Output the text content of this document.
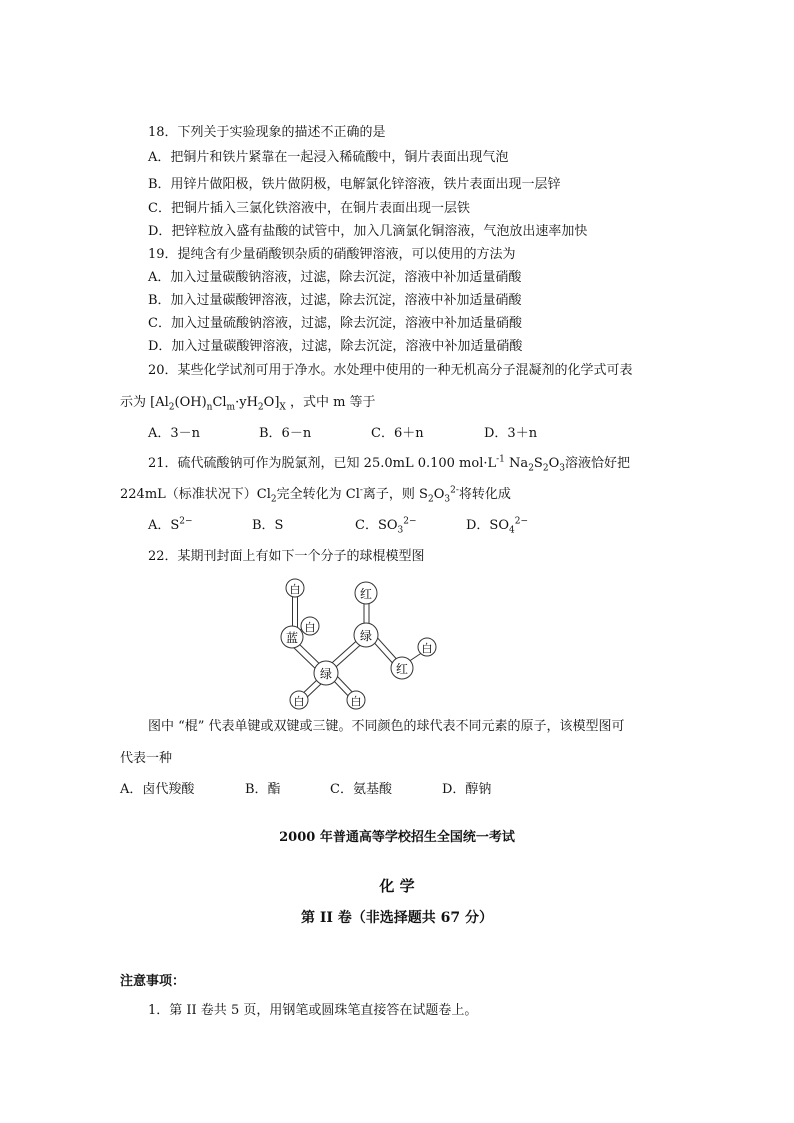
18．下列关于实验现象的描述不正确的是
A．把铜片和铁片紧靠在一起浸入稀硫酸中，铜片表面出现气泡
B．用锌片做阳极，铁片做阴极，电解氯化锌溶液，铁片表面出现一层锌
C．把铜片插入三氯化铁溶液中，在铜片表面出现一层铁
D．把锌粒放入盛有盐酸的试管中，加入几滴氯化铜溶液，气泡放出速率加快
19．提纯含有少量硝酸钡杂质的硝酸钾溶液，可以使用的方法为
A．加入过量碳酸钠溶液，过滤，除去沉淀，溶液中补加适量硝酸
B．加入过量碳酸钾溶液，过滤，除去沉淀，溶液中补加适量硝酸
C．加入过量硫酸钠溶液，过滤，除去沉淀，溶液中补加适量硝酸
D．加入过量碳酸钾溶液，过滤，除去沉淀，溶液中补加适量硝酸
20．某些化学试剂可用于净水。水处理中使用的一种无机高分子混凝剂的化学式可表
示为 $[Al_2(OH)_nCl_m\cdot yH_2O]_X$ ，式中 m 等于
A．3－n	B．6－n	C．6＋n	D．3＋n
21．硫代硫酸钠可作为脱氯剂，已知 25.0mL 0.100 $mol\cdot L^{-1}$ $Na_2S_2O_3$溶液恰好把
224mL（标准状况下）$Cl_2$完全转化为 Cl-离子，则 $S_2O_3^{2-}$将转化成
A．$S^{2-}$	B．S	C．$SO_3^{2-}$	D．$SO_4^{2-}$
22．某期刊封面上有如下一个分子的球棍模型图
白
白
蓝
红
绿
白
红
绿
白	白
图中 “棍” 代表单键或双键或三键。不同颜色的球代表不同元素的原子，该模型图可
代表一种
A．卤代羧酸	B．酯	C．氨基酸	D．醇钠
2000 年普通高等学校招生全国统一考试
化 学
第 II 卷（非选择题共 67 分）
注意事项：
1．第 II 卷共 5 页，用钢笔或圆珠笔直接答在试题卷上。
